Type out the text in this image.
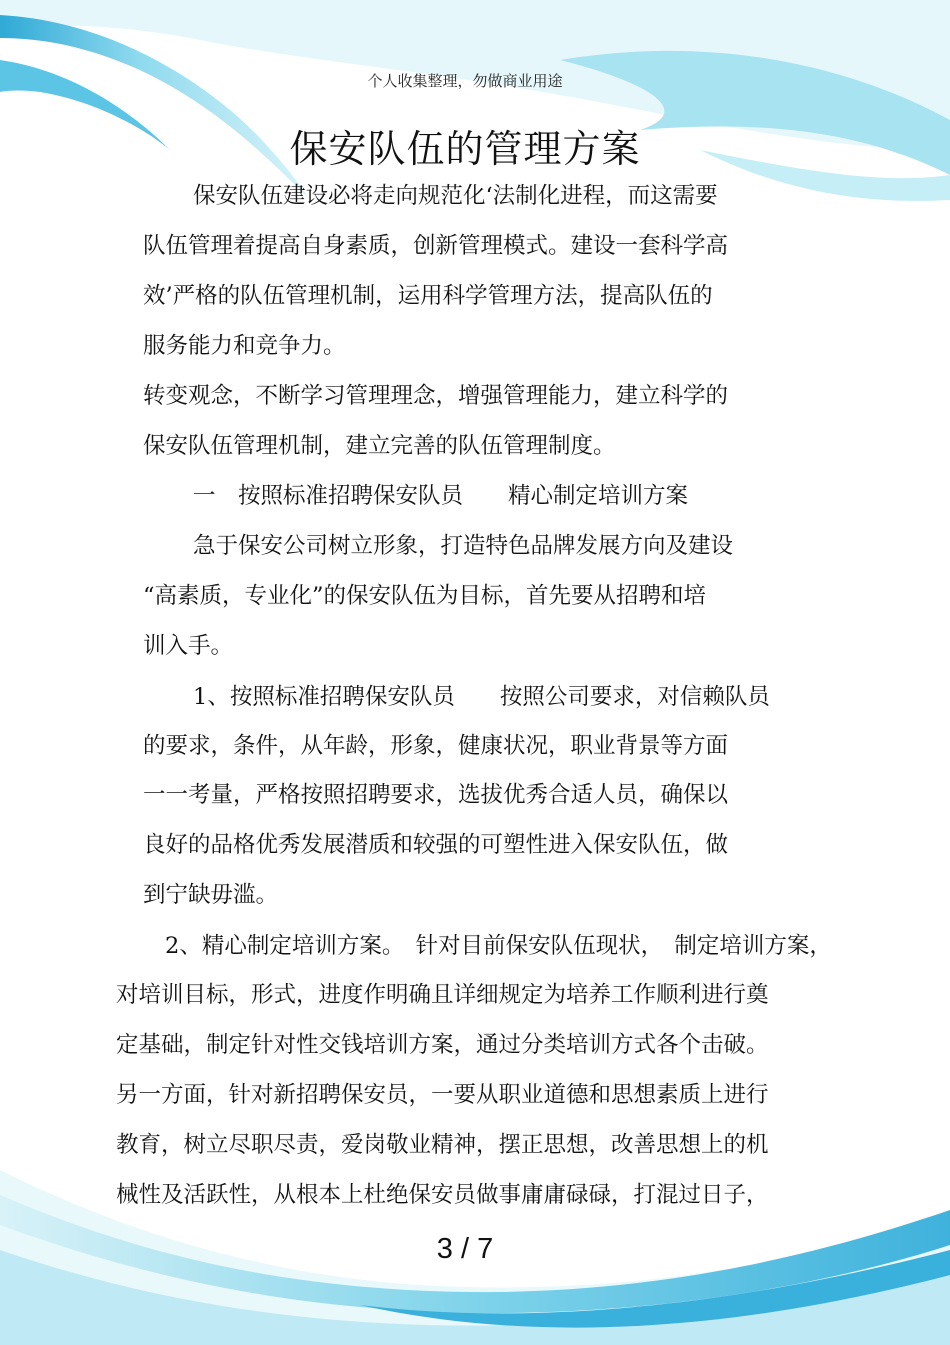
个人收集整理，勿做商业用途
保安队伍的管理方案
保安队伍建设必将走向规范化‘法制化进程，而这需要
队伍管理着提高自身素质，创新管理模式。建设一套科学高
效’严格的队伍管理机制，运用科学管理方法，提高队伍的
服务能力和竞争力。
转变观念，不断学习管理理念，增强管理能力，建立科学的
保安队伍管理机制，建立完善的队伍管理制度。
一　按照标准招聘保安队员　　精心制定培训方案
急于保安公司树立形象，打造特色品牌发展方向及建设
“高素质，专业化”的保安队伍为目标，首先要从招聘和培
训入手。
1、按照标准招聘保安队员　　按照公司要求，对信赖队员
的要求，条件，从年龄，形象，健康状况，职业背景等方面
一一考量，严格按照招聘要求，选拔优秀合适人员，确保以
良好的品格优秀发展潜质和较强的可塑性进入保安队伍，做
到宁缺毋滥。
2、精心制定培训方案。　针对目前保安队伍现状，　制定培训方案，
对培训目标，形式，进度作明确且详细规定为培养工作顺利进行奠
定基础，制定针对性交钱培训方案，通过分类培训方式各个击破。
另一方面，针对新招聘保安员，一要从职业道德和思想素质上进行
教育，树立尽职尽责，爱岗敬业精神，摆正思想，改善思想上的机
械性及活跃性，从根本上杜绝保安员做事庸庸碌碌，打混过日子，
3 / 7
